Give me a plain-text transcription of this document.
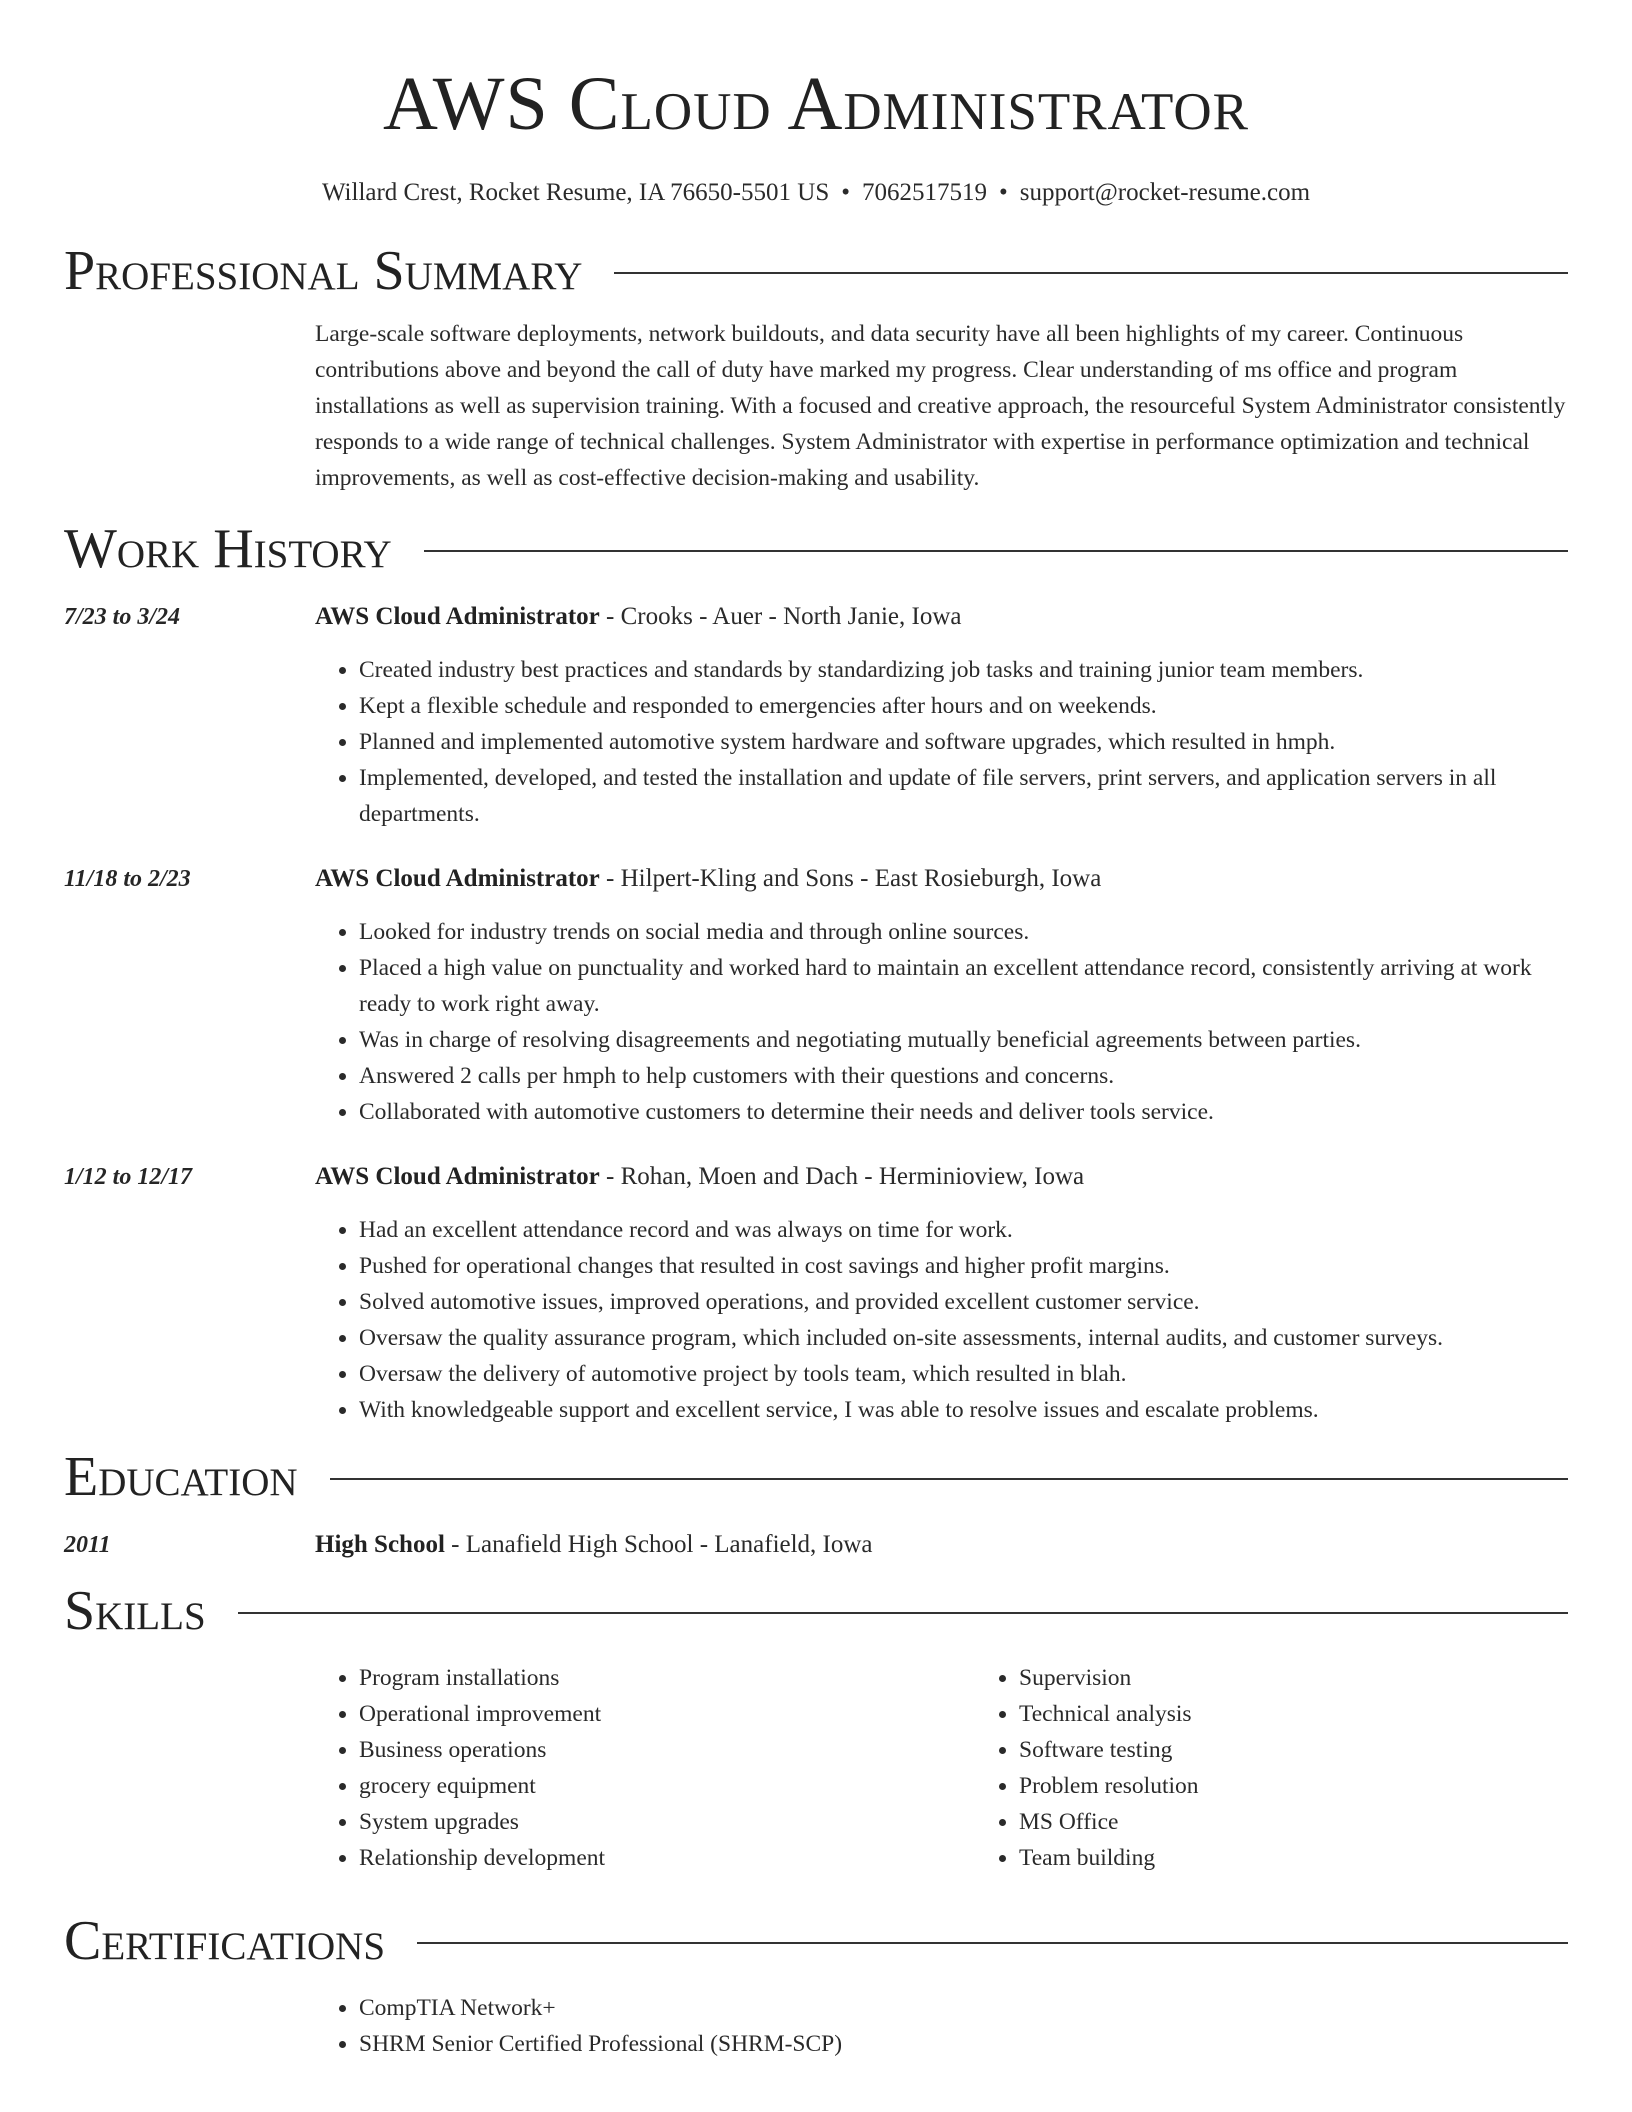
AWS Cloud Administrator
Willard Crest, Rocket Resume, IA 76650-5501 US • 7062517519 • support@rocket-resume.com
Professional Summary
Large-scale software deployments, network buildouts, and data security have all been highlights of my career. Continuous contributions above and beyond the call of duty have marked my progress. Clear understanding of ms office and program installations as well as supervision training. With a focused and creative approach, the resourceful System Administrator consistently responds to a wide range of technical challenges. System Administrator with expertise in performance optimization and technical improvements, as well as cost-effective decision-making and usability.
Work History
7/23 to 3/24	AWS Cloud Administrator - Crooks - Auer - North Janie, Iowa
• Created industry best practices and standards by standardizing job tasks and training junior team members.
• Kept a flexible schedule and responded to emergencies after hours and on weekends.
• Planned and implemented automotive system hardware and software upgrades, which resulted in hmph.
• Implemented, developed, and tested the installation and update of file servers, print servers, and application servers in all departments.
11/18 to 2/23	AWS Cloud Administrator - Hilpert-Kling and Sons - East Rosieburgh, Iowa
• Looked for industry trends on social media and through online sources.
• Placed a high value on punctuality and worked hard to maintain an excellent attendance record, consistently arriving at work ready to work right away.
• Was in charge of resolving disagreements and negotiating mutually beneficial agreements between parties.
• Answered 2 calls per hmph to help customers with their questions and concerns.
• Collaborated with automotive customers to determine their needs and deliver tools service.
1/12 to 12/17	AWS Cloud Administrator - Rohan, Moen and Dach - Herminioview, Iowa
• Had an excellent attendance record and was always on time for work.
• Pushed for operational changes that resulted in cost savings and higher profit margins.
• Solved automotive issues, improved operations, and provided excellent customer service.
• Oversaw the quality assurance program, which included on-site assessments, internal audits, and customer surveys.
• Oversaw the delivery of automotive project by tools team, which resulted in blah.
• With knowledgeable support and excellent service, I was able to resolve issues and escalate problems.
Education
2011	High School - Lanafield High School - Lanafield, Iowa
Skills
• Program installations
• Operational improvement
• Business operations
• grocery equipment
• System upgrades
• Relationship development
• Supervision
• Technical analysis
• Software testing
• Problem resolution
• MS Office
• Team building
Certifications
• CompTIA Network+
• SHRM Senior Certified Professional (SHRM-SCP)
